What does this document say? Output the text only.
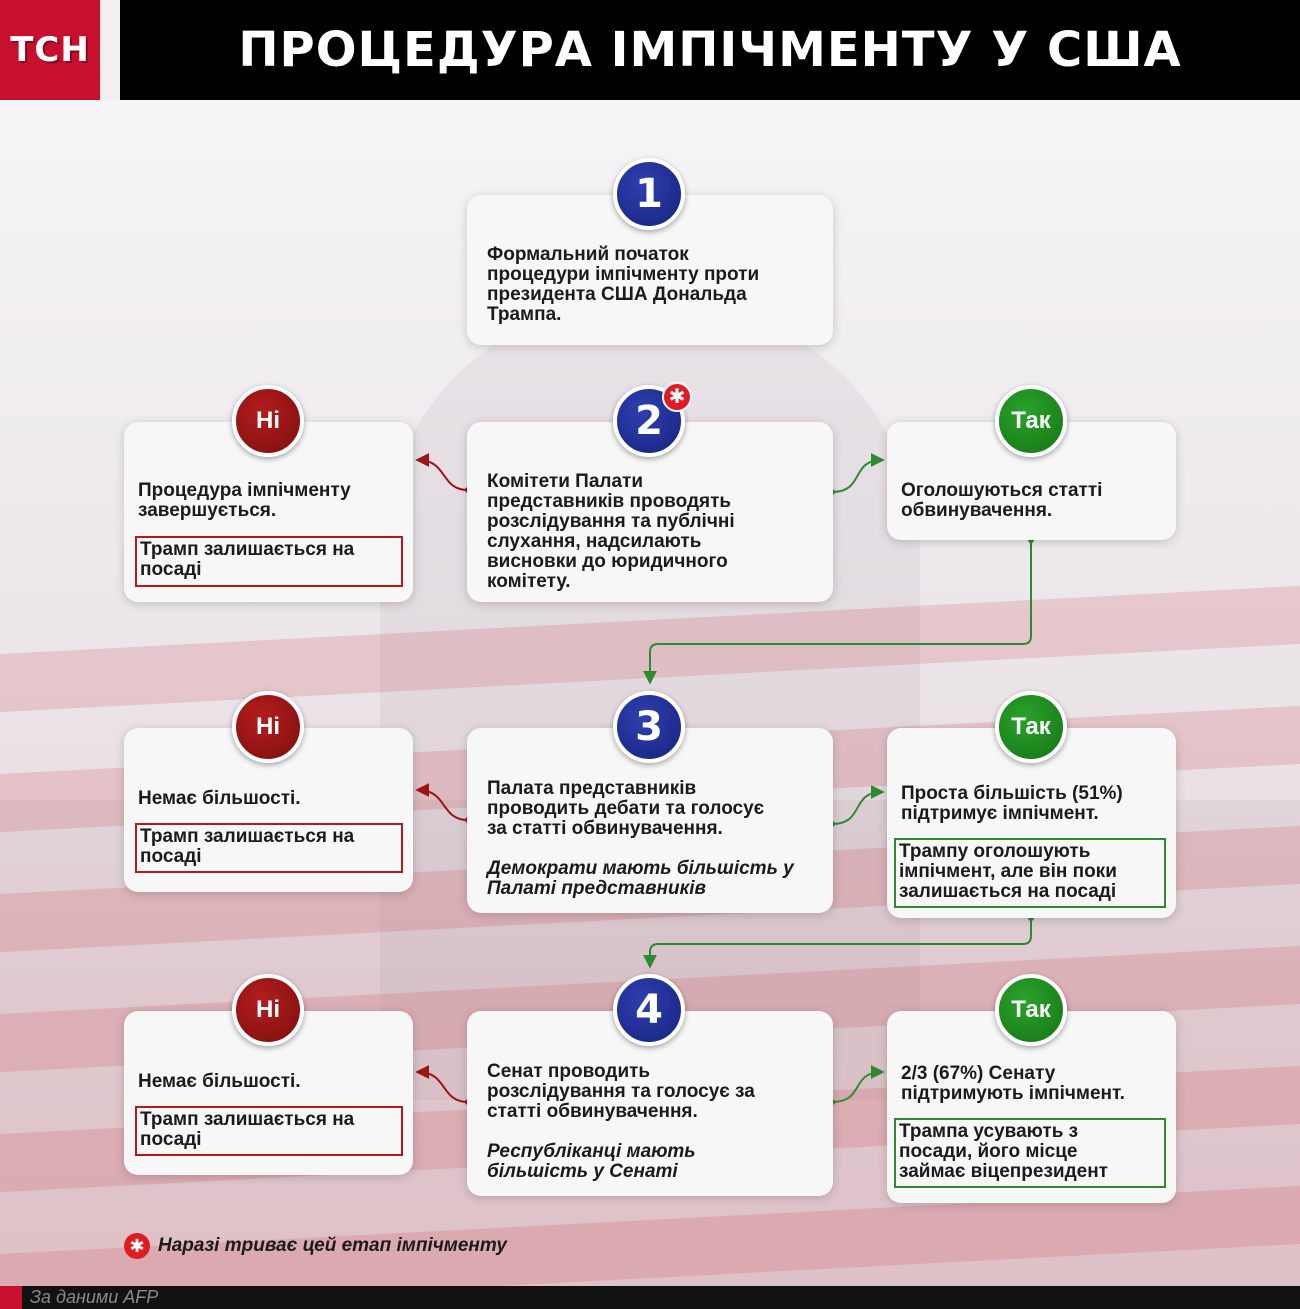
ТСН	ПРОЦЕДУРА ІМПІЧМЕНТУ У США
Формальний початок
процедури імпічменту проти
президента США Дональда
Трампа.
1
Комітети Палати
представників проводять
розслідування та публічні
слухання, надсилають
висновки до юридичного
комітету.
2
✱
Процедура імпічменту
завершується.
Трамп залишається на
посаді
Ні
Оголошуються статті
обвинувачення.
Так
Палата представників
проводить дебати та голосує
за статті обвинувачення.
Демократи мають більшість у
Палаті представників
3
Немає більшості.
Трамп залишається на
посаді
Ні
Проста більшість (51%)
підтримує імпічмент.
Трампу оголошують
імпічмент, але він поки
залишається на посаді
Так
Сенат проводить
розслідування та голосує за
статті обвинувачення.
Республіканці мають
більшість у Сенаті
4
Немає більшості.
Трамп залишається на
посаді
Ні
2/3 (67%) Сенату
підтримують імпічмент.
Трампа усувають з
посади, його місце
займає віцепрезидент
Так
✱ Наразі триває цей етап імпічменту
За даними AFP
